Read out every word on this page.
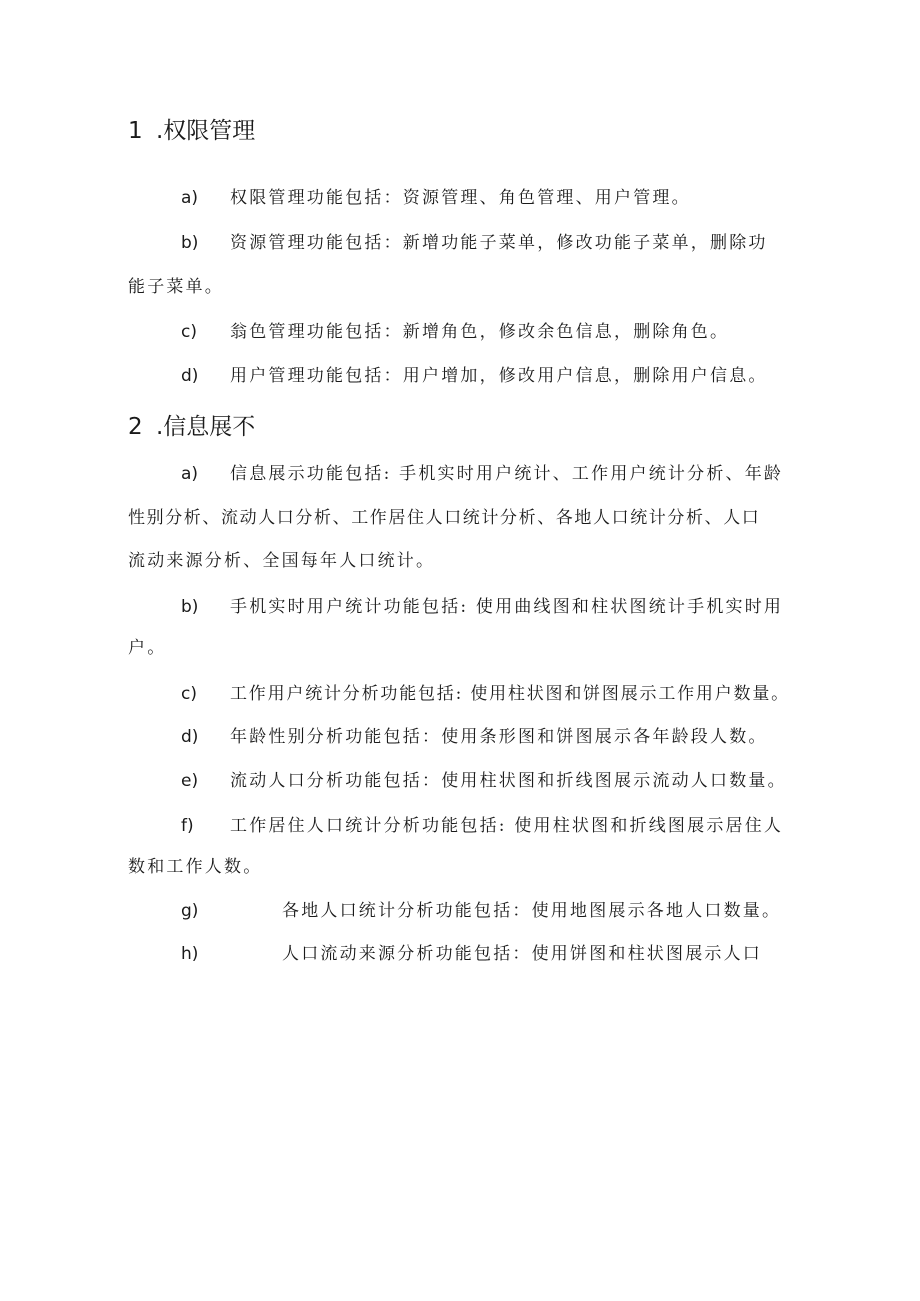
1 .权限管理
a) 权限管理功能包括：资源管理、角色管理、用户管理。
b) 资源管理功能包括：新增功能子菜单，修改功能子菜单，删除功
能子菜单。
c) 翁色管理功能包括：新增角色，修改余色信息，删除角色。
d) 用户管理功能包括：用户增加，修改用户信息，删除用户信息。
2 .信息展不
a) 信息展示功能包括: 手机实时用户统计、工作用户统计分析、年龄
性别分析、流动人口分析、工作居住人口统计分析、各地人口统计分析、人口
流动来源分析、全国每年人口统计。
b) 手机实时用户统计功能包括: 使用曲线图和柱状图统计手机实时用
户。
c) 工作用户统计分析功能包括: 使用柱状图和饼图展示工作用户数量。
d) 年龄性别分析功能包括：使用条形图和饼图展示各年龄段人数。
e) 流动人口分析功能包括：使用柱状图和折线图展示流动人口数量。
f) 工作居住人口统计分析功能包括: 使用柱状图和折线图展示居住人
数和工作人数。
g)	各地人口统计分析功能包括：使用地图展示各地人口数量。
h)	人口流动来源分析功能包括：使用饼图和柱状图展示人口
